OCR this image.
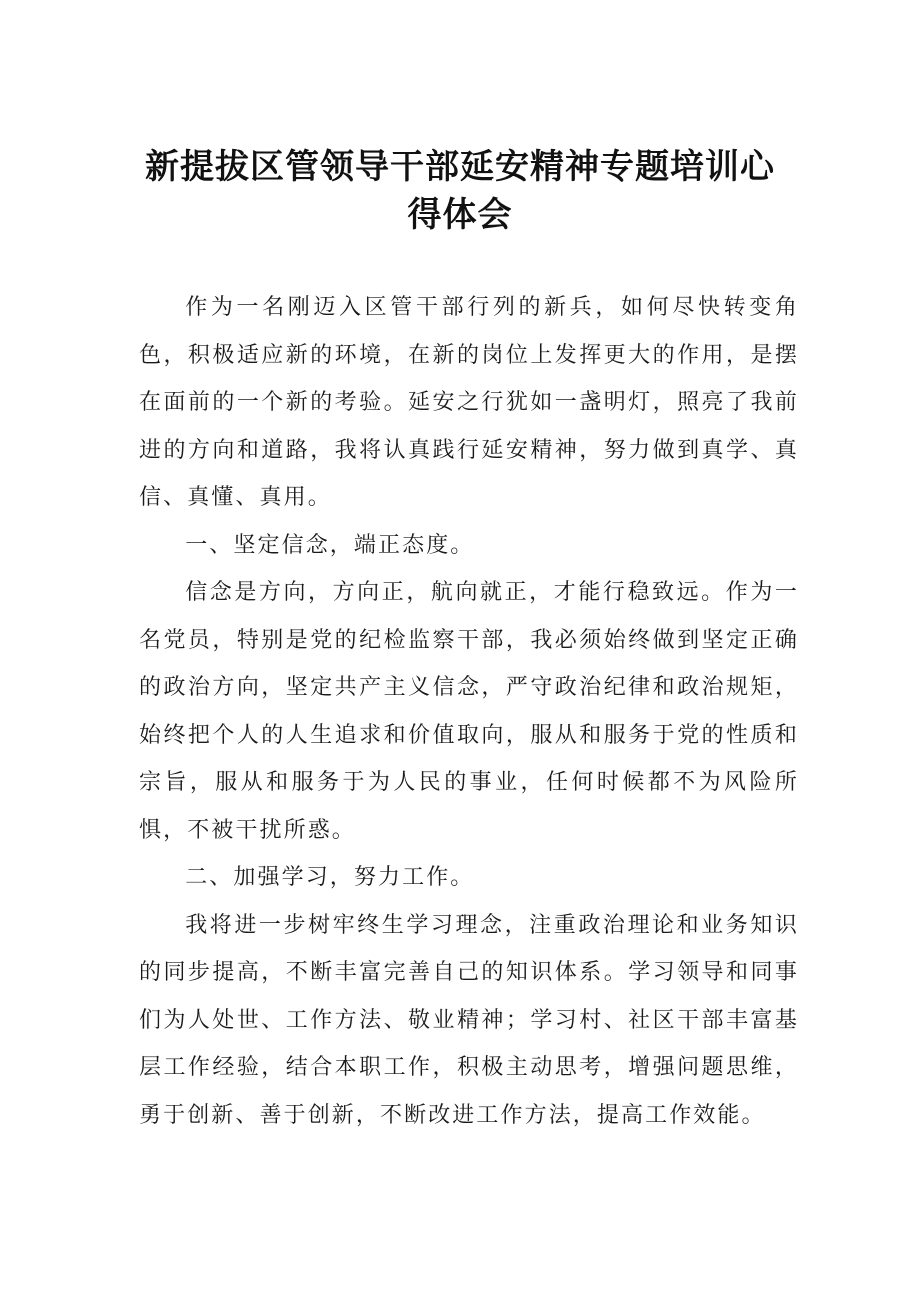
新提拔区管领导干部延安精神专题培训心
得体会

作为一名刚迈入区管干部行列的新兵，如何尽快转变角色，积极适应新的环境，在新的岗位上发挥更大的作用，是摆在面前的一个新的考验。延安之行犹如一盏明灯，照亮了我前进的方向和道路，我将认真践行延安精神，努力做到真学、真信、真懂、真用。

一、坚定信念，端正态度。

信念是方向，方向正，航向就正，才能行稳致远。作为一名党员，特别是党的纪检监察干部，我必须始终做到坚定正确的政治方向，坚定共产主义信念，严守政治纪律和政治规矩，始终把个人的人生追求和价值取向，服从和服务于党的性质和宗旨，服从和服务于为人民的事业，任何时候都不为风险所惧，不被干扰所惑。

二、加强学习，努力工作。

我将进一步树牢终生学习理念，注重政治理论和业务知识的同步提高，不断丰富完善自己的知识体系。学习领导和同事们为人处世、工作方法、敬业精神；学习村、社区干部丰富基层工作经验，结合本职工作，积极主动思考，增强问题思维，勇于创新、善于创新，不断改进工作方法，提高工作效能。
